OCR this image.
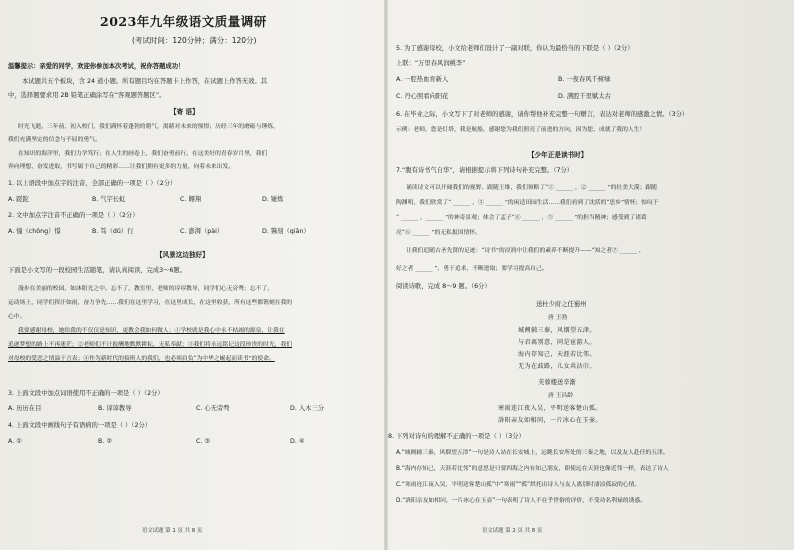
2023年九年级语文质量调研
(考试时间：120分钟；满分：120分)
温馨提示：亲爱的同学，欢迎你参加本次考试，祝你答题成功！
本试题共五个板块，含 24 道小题。所有题目均在答题卡上作答，在试题上作答无效。其
中，选择题要求用 2B 铅笔正确涂写在“客观题答题区”。
【寄 语】
时光飞逝，三年前，初入校门，我们满怀着蓬勃的朝气，渴睹对未来的憧憬；历经三年的磨砺与锤炼，
我们充满坚定的信念与不屈的勇气。
在知识的海洋里，我们力学笃行；在人生的画卷上，我们奋勇前行。在这美好的青春岁月里，我们
奔向理想，奋发进取，书写属于自己的精彩……让我们拥有更多的力量，向着未来出发。
1. 以上语段中加点字的注音，全部正确的一项是（ ）（2分）
A. 蹉跎	B. 气宇长虹	C. 翱翔	D. 锤炼
2. 文中加点字注音不正确的一项是（ ）（2分）
A. 憧（chōng）憬	B. 笃（dǔ）行	C. 澎湃（pài）	D. 镌刻（qiān）
【风景这边独好】
下面是小文写的一段校园生活随笔，请认真阅读，完成3～6题。
漫步在美丽的校园，如沐阳光之中。忘不了，教室里，老师的谆谆教导，同学们心无旁骛；忘不了，
运动场上，同学们挥汗如雨，奋力争先……我们在这里学习，在这里成长，在这里收获，所有这些都镌刻在我的
心中。
我要感谢母校，她给我的不仅仅是知识，更教会我如何做人；①学校就是我心中永不枯竭的源泉，让我在
追逐梦想的路上不再迷茫；②老师们不计报酬地默默耕耘，无私奉献；③我们将永远铭记这段珍贵的时光，我们
对母校的爱恋之情溢于言表；④作为新时代的接班人的我们，也必须肩负“为中华之崛起而读书”的使命。
3. 上面文段中加点词语使用不正确的一项是（ ）（2分）
A. 历历在目	B. 谆谆教导	C. 心无旁骛	D. 入木三分
4. 上面文段中画线句子有语病的一项是（ ）（2分）
A. ①	B. ②	C. ③	D. ④
语文试题 第 1 页 共 8 页
5. 为了感谢母校，小文给老师们设计了一副对联，你认为最恰当的下联是（ ）（2分）
上联：“万里春风润桃李”
A. 一腔热血育新人	B. 一夜春风千树绿
C. 丹心照看向阳花	D. 满腔千里赋太古
6. 在毕业之际，小文写下了对老师的感谢，请你帮他补充完整一句赠言，表达对老师的感激之情。（3分）
示例：老师，您是灯塔，我是航船，感谢您为我们照亮了前进的方向，因为您，成就了我的人生！
【少年正是读书时】
7.“腹有诗书气自华”，请根据提示将下列诗句补充完整。（7分）
诵读诗文可以开阔我们的视野。跟随王维，我们领略了“① ______ ，② ______ ”的壮美大漠；跟随
陶渊明，我们欣赏了“ ______ ，③ ______ ”的闲适田园生活……我们看到了沈括的“思乡”情怀；惊叹于
“ ______ ，______ ”的神奇景观；体会了孟子“④ ______ ，⑤ ______ ”的担当精神；感受到了诸葛
亮“⑥ ______ ”的无私报国情怀。
让我们追随古圣先贤的足迹：“诗书”的浸润中让我们的素养不断提升——“知之者⑦ ______ ，
好之者 ______ ”，勇于追求、不断进取；要学习提高自己。
阅读诗歌，完成 8～9 题。（6分）
送杜少府之任蜀州
唐 王勃
城阙辅三秦，风烟望五津。
与君离别意，同是宦游人。
海内存知己，天涯若比邻。
无为在歧路，儿女共沾巾。
芙蓉楼送辛渐
唐 王昌龄
寒雨连江夜入吴，平明送客楚山孤。
洛阳亲友如相问，一片冰心在玉壶。
8. 下列对诗句的理解不正确的一项是（ ）（3分）
A.“城阙辅三秦，风烟望五津”一句是诗人站在长安城上，远眺长安所处的三秦之地，以及友人赴任的五津。
B.“海内存知己，天涯若比邻”的意思是只要四海之内有知己朋友，即使远在天涯也像近邻一样，表达了诗人
C.“寒雨连江夜入吴，平明送客楚山孤”中“寒雨”“孤”烘托出诗人与友人离别时凄凉孤寂的心情。
D.“洛阳亲友如相问，一片冰心在玉壶”一句表明了诗人不在乎世俗的评价，不受功名利禄的诱惑。
语文试题 第 2 页 共 8 页
